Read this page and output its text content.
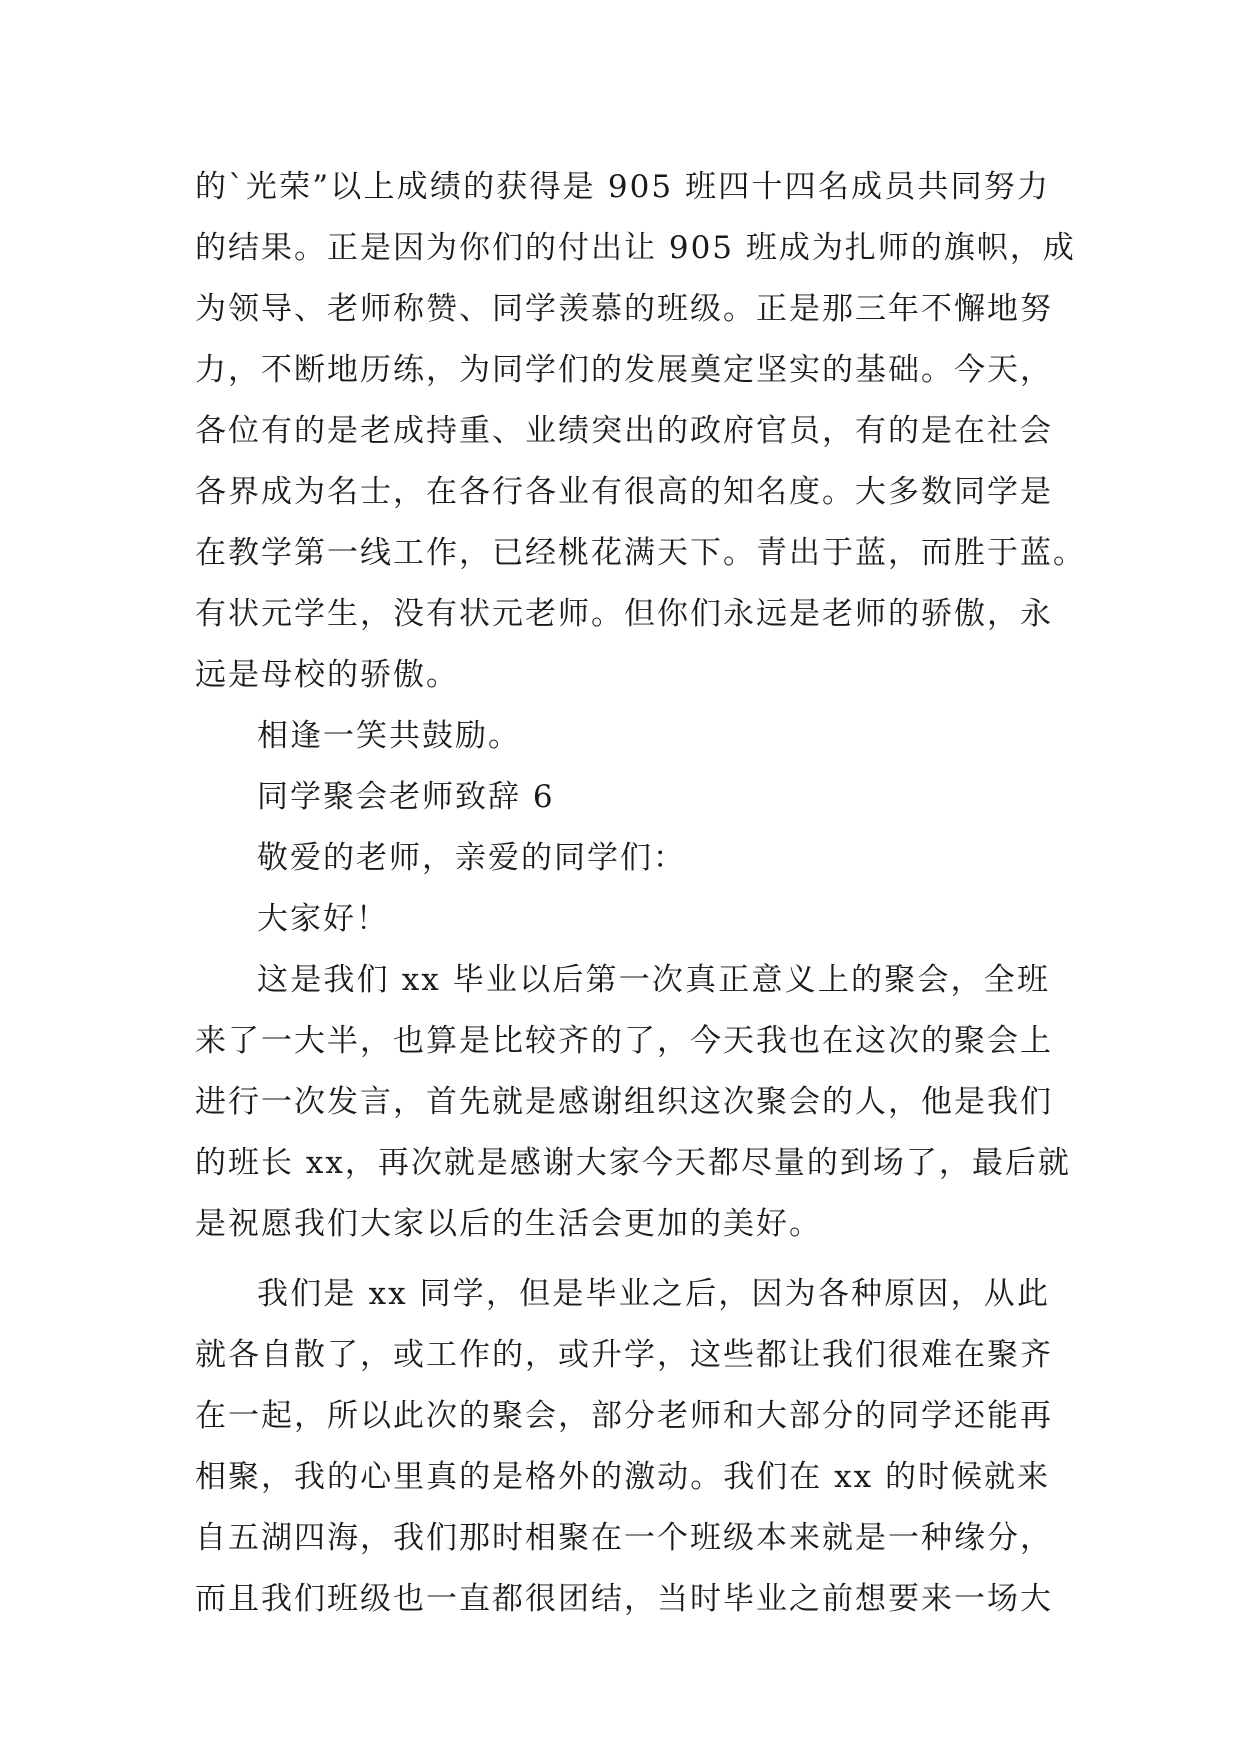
的`光荣”以上成绩的获得是 905 班四十四名成员共同努力
的结果。正是因为你们的付出让 905 班成为扎师的旗帜，成
为领导、老师称赞、同学羡慕的班级。正是那三年不懈地努
力，不断地历练，为同学们的发展奠定坚实的基础。今天，
各位有的是老成持重、业绩突出的政府官员，有的是在社会
各界成为名士，在各行各业有很高的知名度。大多数同学是
在教学第一线工作，已经桃花满天下。青出于蓝，而胜于蓝。
有状元学生，没有状元老师。但你们永远是老师的骄傲，永
远是母校的骄傲。
相逢一笑共鼓励。
同学聚会老师致辞 6
敬爱的老师，亲爱的同学们：
大家好！
这是我们 xx 毕业以后第一次真正意义上的聚会，全班
来了一大半，也算是比较齐的了，今天我也在这次的聚会上
进行一次发言，首先就是感谢组织这次聚会的人，他是我们
的班长 xx，再次就是感谢大家今天都尽量的到场了，最后就
是祝愿我们大家以后的生活会更加的美好。
我们是 xx 同学，但是毕业之后，因为各种原因，从此
就各自散了，或工作的，或升学，这些都让我们很难在聚齐
在一起，所以此次的聚会，部分老师和大部分的同学还能再
相聚，我的心里真的是格外的激动。我们在 xx 的时候就来
自五湖四海，我们那时相聚在一个班级本来就是一种缘分，
而且我们班级也一直都很团结，当时毕业之前想要来一场大
